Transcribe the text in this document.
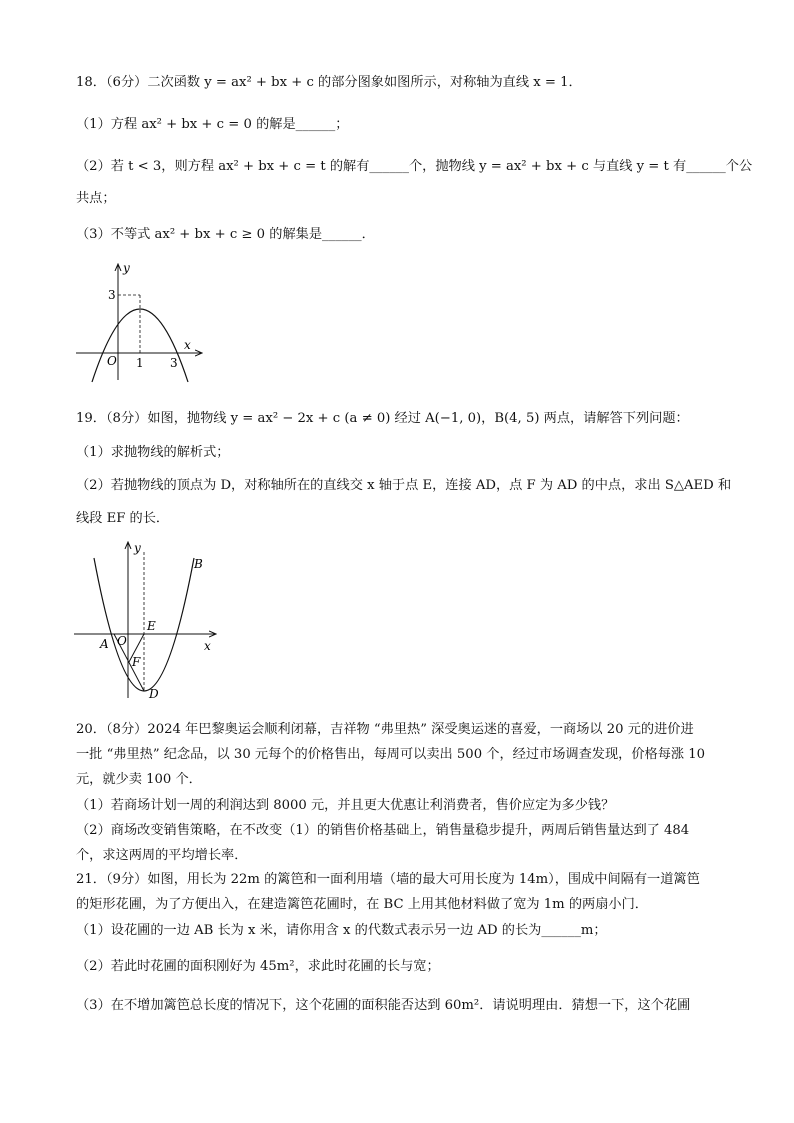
18．（6分）二次函数 y = ax² + bx + c 的部分图象如图所示，对称轴为直线 x = 1．
（1）方程 ax² + bx + c = 0 的解是______；
（2）若 t < 3，则方程 ax² + bx + c = t 的解有______个，抛物线 y = ax² + bx + c 与直线 y = t 有______个公
共点；
（3）不等式 ax² + bx + c ≥ 0 的解集是______．
y
x
O
3
1 3
19．（8分）如图，抛物线 y = ax² − 2x + c (a ≠ 0) 经过 A(−1, 0)，B(4, 5) 两点，请解答下列问题：
（1）求抛物线的解析式；
（2）若抛物线的顶点为 D，对称轴所在的直线交 x 轴于点 E，连接 AD，点 F 为 AD 的中点，求出 S△AED 和
线段 EF 的长．
y
x
B
E
A O
F
D
20．（8分）2024 年巴黎奥运会顺利闭幕，吉祥物 “弗里热” 深受奥运迷的喜爱，一商场以 20 元的进价进
一批 “弗里热” 纪念品，以 30 元每个的价格售出，每周可以卖出 500 个，经过市场调查发现，价格每涨 10
元，就少卖 100 个．
（1）若商场计划一周的利润达到 8000 元，并且更大优惠让利消费者，售价应定为多少钱？
（2）商场改变销售策略，在不改变（1）的销售价格基础上，销售量稳步提升，两周后销售量达到了 484
个，求这两周的平均增长率．
21．（9分）如图，用长为 22m 的篱笆和一面利用墙（墙的最大可用长度为 14m），围成中间隔有一道篱笆
的矩形花圃，为了方便出入，在建造篱笆花圃时，在 BC 上用其他材料做了宽为 1m 的两扇小门．
（1）设花圃的一边 AB 长为 x 米，请你用含 x 的代数式表示另一边 AD 的长为______m；
（2）若此时花圃的面积刚好为 45m²，求此时花圃的长与宽；
（3）在不增加篱笆总长度的情况下，这个花圃的面积能否达到 60m²．请说明理由．猜想一下，这个花圃
